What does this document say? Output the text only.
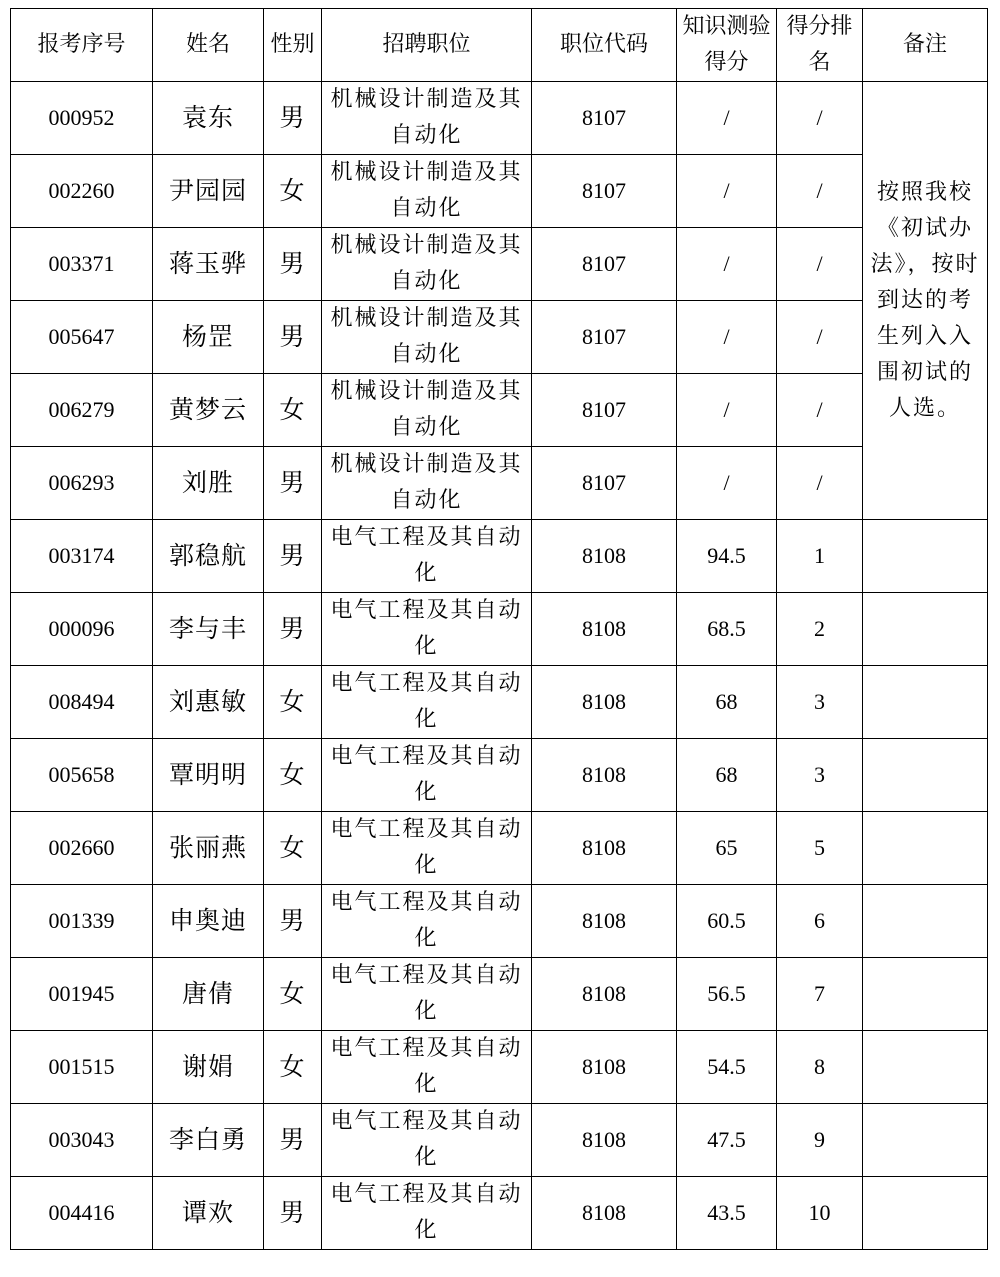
报考序号	姓名	性别	招聘职位	职位代码	知识测验得分	得分排名	备注
000952	袁东	男	机械设计制造及其自动化	8107	/	/	按照我校《初试办法》，按时到达的考生列入入围初试的人选。
002260	尹园园	女	机械设计制造及其自动化	8107	/	/	
003371	蒋玉骅	男	机械设计制造及其自动化	8107	/	/	
005647	杨罡	男	机械设计制造及其自动化	8107	/	/	
006279	黄梦云	女	机械设计制造及其自动化	8107	/	/	
006293	刘胜	男	机械设计制造及其自动化	8107	/	/	
003174	郭稳航	男	电气工程及其自动化	8108	94.5	1	
000096	李与丰	男	电气工程及其自动化	8108	68.5	2	
008494	刘惠敏	女	电气工程及其自动化	8108	68	3	
005658	覃明明	女	电气工程及其自动化	8108	68	3	
002660	张丽燕	女	电气工程及其自动化	8108	65	5	
001339	申奥迪	男	电气工程及其自动化	8108	60.5	6	
001945	唐倩	女	电气工程及其自动化	8108	56.5	7	
001515	谢娟	女	电气工程及其自动化	8108	54.5	8	
003043	李白勇	男	电气工程及其自动化	8108	47.5	9	
004416	谭欢	男	电气工程及其自动化	8108	43.5	10	
